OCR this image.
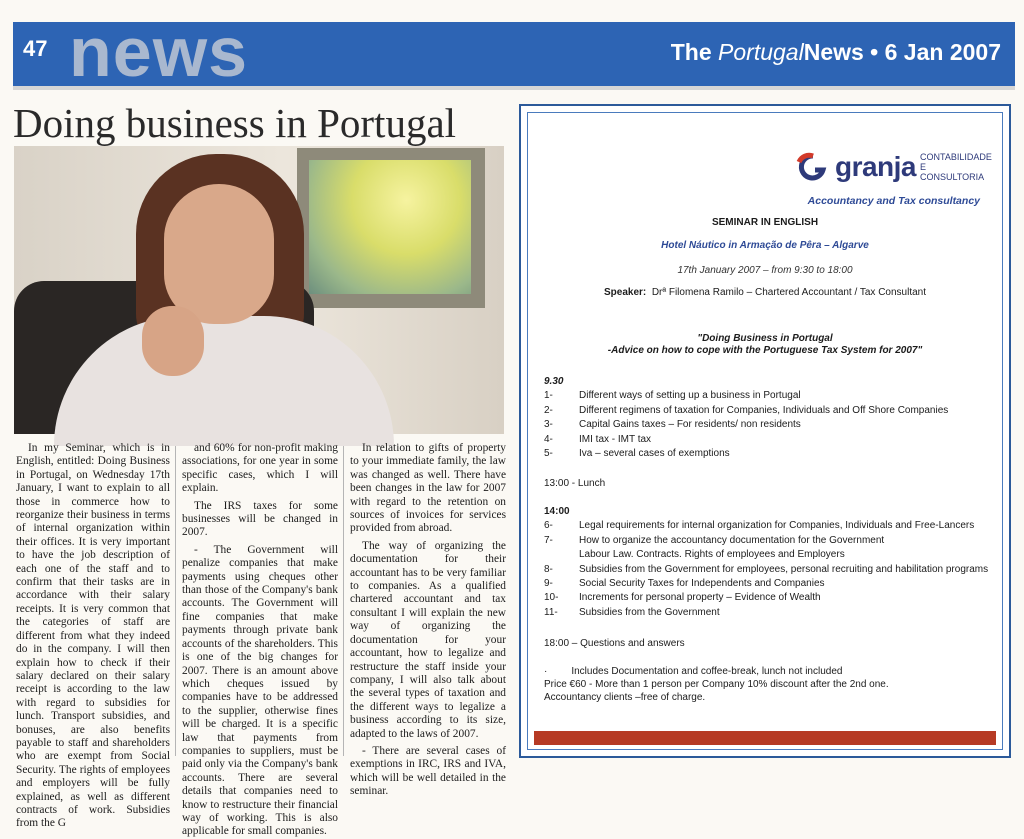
47 news	The PortugalNews • 6 Jan 2007
Doing business in Portugal

In my Seminar, which is in English, entitled: Doing Business in Portugal, on Wednesday 17th January, I want to explain to all those in commerce how to reorganize their business in terms of internal organization within their offices. It is very important to have the job description of each one of the staff and to confirm that their tasks are in accordance with their salary receipts. It is very common that the categories of staff are different from what they indeed do in the company. I will then explain how to check if their salary declared on their salary receipt is according to the law with regard to subsidies for lunch. Transport subsidies, and bonuses, are also benefits payable to staff and shareholders who are exempt from Social Security. The rights of employees and employers will be fully explained, as well as different contracts of work. Subsidies from the G

and 60% for non-profit making associations, for one year in some specific cases, which I will explain.

The IRS taxes for some businesses will be changed in 2007.

- The Government will penalize companies that make payments using cheques other than those of the Company's bank accounts. The Government will fine companies that make payments through private bank accounts of the shareholders. This is one of the big changes for 2007. There is an amount above which cheques issued by companies have to be addressed to the supplier, otherwise fines will be charged. It is a specific law that payments from companies to suppliers, must be paid only via the Company's bank accounts. There are several details that companies need to know to restructure their financial way of working. This is also applicable for small companies.

In relation to gifts of property to your immediate family, the law was changed as well. There have been changes in the law for 2007 with regard to the retention on sources of invoices for services provided from abroad.

The way of organizing the documentation for their accountant has to be very familiar to companies. As a qualified chartered accountant and tax consultant I will explain the new way of organizing the documentation for your accountant, how to legalize and restructure the staff inside your company, I will also talk about the several types of taxation and the different ways to legalize a business according to its size, adapted to the laws of 2007.

- There are several cases of exemptions in IRC, IRS and IVA, which will be well detailed in the seminar.

granja CONTABILIDADE E CONSULTORIA
Accountancy and Tax consultancy
SEMINAR IN ENGLISH
Hotel Náutico in Armação de Pêra – Algarve
17th January 2007 – from 9:30 to 18:00
Speaker: Drª Filomena Ramilo – Chartered Accountant / Tax Consultant
"Doing Business in Portugal
-Advice on how to cope with the Portuguese Tax System for 2007"
9.30
1-	Different ways of setting up a business in Portugal
2-	Different regimens of taxation for Companies, Individuals and Off Shore Companies
3-	Capital Gains taxes – For residents/ non residents
4-	IMI tax - IMT tax
5-	Iva – several cases of exemptions
13:00 - Lunch
14:00
6-	Legal requirements for internal organization for Companies, Individuals and Free-Lancers
7-	How to organize the accountancy documentation for the Government
Labour Law. Contracts. Rights of employees and Employers
8-	Subsidies from the Government for employees, personal recruiting and habilitation programs
9-	Social Security Taxes for Independents and Companies
10-	Increments for personal property – Evidence of Wealth
11-	Subsidies from the Government
18:00 – Questions and answers
· Includes Documentation and coffee-break, lunch not included
Price €60 - More than 1 person per Company 10% discount after the 2nd one.
Accountancy clients –free of charge.
